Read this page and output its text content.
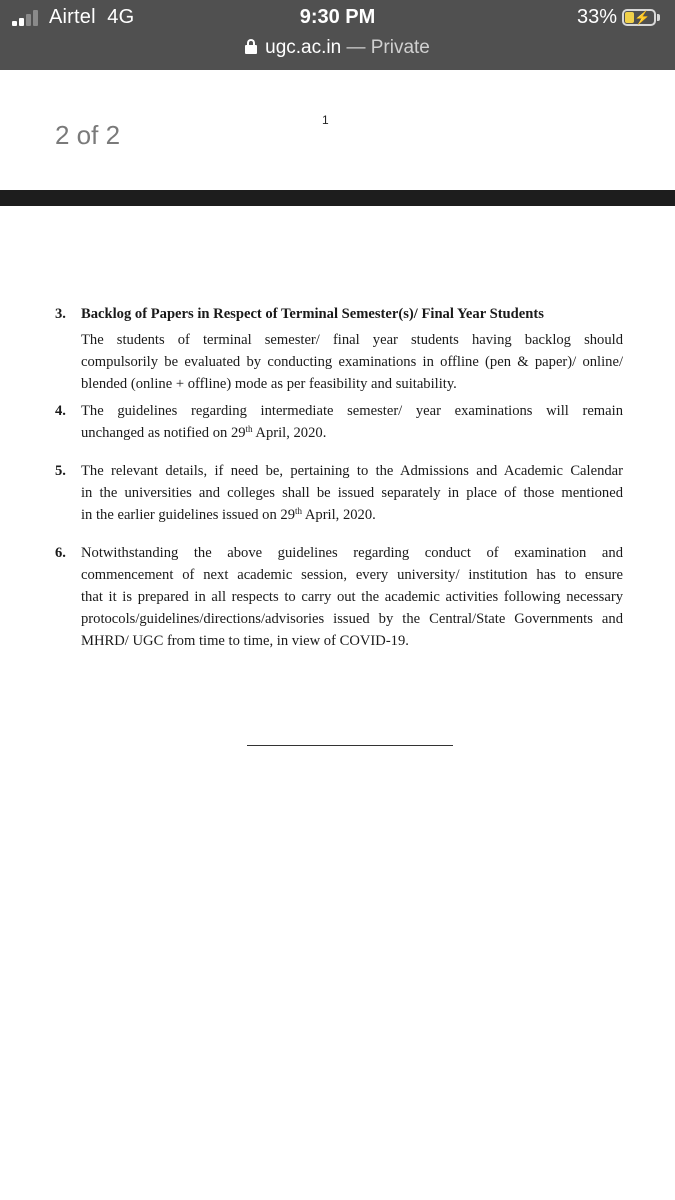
Airtel 4G	9:30 PM	33% ⚡
ugc.ac.in — Private
2 of 2	1
3. Backlog of Papers in Respect of Terminal Semester(s)/ Final Year Students
The students of terminal semester/ final year students having backlog should
compulsorily be evaluated by conducting examinations in offline (pen & paper)/ online/
blended (online + offline) mode as per feasibility and suitability.
4. The guidelines regarding intermediate semester/ year examinations will remain
unchanged as notified on 29th April, 2020.
5. The relevant details, if need be, pertaining to the Admissions and Academic Calendar
in the universities and colleges shall be issued separately in place of those mentioned
in the earlier guidelines issued on 29th April, 2020.
6. Notwithstanding the above guidelines regarding conduct of examination and
commencement of next academic session, every university/ institution has to ensure
that it is prepared in all respects to carry out the academic activities following necessary
protocols/guidelines/directions/advisories issued by the Central/State Governments and
MHRD/ UGC from time to time, in view of COVID-19.
